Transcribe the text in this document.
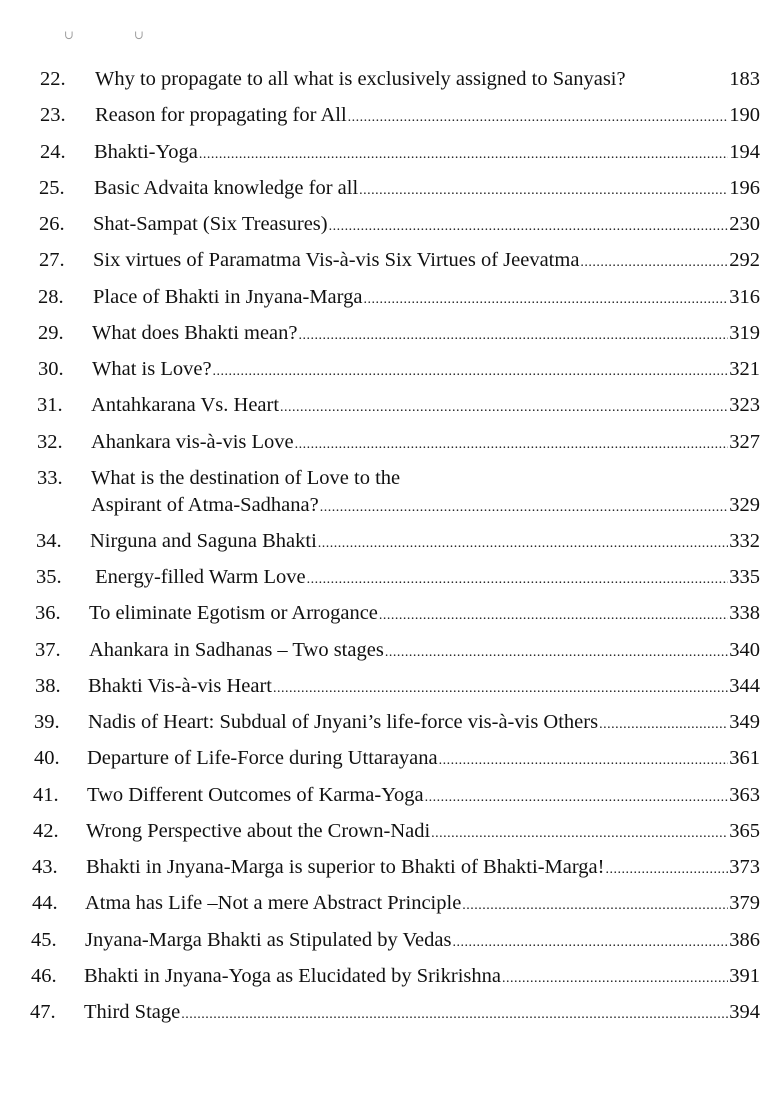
∪	∪
22. Why to propagate to all what is exclusively assigned to Sanyasi?	183
23. Reason for propagating for All .....	190
24. Bhakti-Yoga .....	194
25. Basic Advaita knowledge for all .....	196
26. Shat-Sampat (Six Treasures) .....	230
27. Six virtues of Paramatma Vis-à-vis Six Virtues of Jeevatma .....	292
28. Place of Bhakti in Jnyana-Marga .....	316
29. What does Bhakti mean? .....	319
30. What is Love? .....	321
31. Antahkarana Vs. Heart .....	323
32. Ahankara vis-à-vis Love .....	327
33. What is the destination of Love to the
Aspirant of Atma-Sadhana? .....	329
34. Nirguna and Saguna Bhakti .....	332
35. Energy-filled Warm Love .....	335
36. To eliminate Egotism or Arrogance .....	338
37. Ahankara in Sadhanas – Two stages .....	340
38. Bhakti Vis-à-vis Heart .....	344
39. Nadis of Heart: Subdual of Jnyani’s life-force vis-à-vis Others .....	349
40. Departure of Life-Force during Uttarayana .....	361
41. Two Different Outcomes of Karma-Yoga .....	363
42. Wrong Perspective about the Crown-Nadi .....	365
43. Bhakti in Jnyana-Marga is superior to Bhakti of Bhakti-Marga! .....	373
44. Atma has Life –Not a mere Abstract Principle .....	379
45. Jnyana-Marga Bhakti as Stipulated by Vedas .....	386
46. Bhakti in Jnyana-Yoga as Elucidated by Srikrishna .....	391
47. Third Stage .....	394
